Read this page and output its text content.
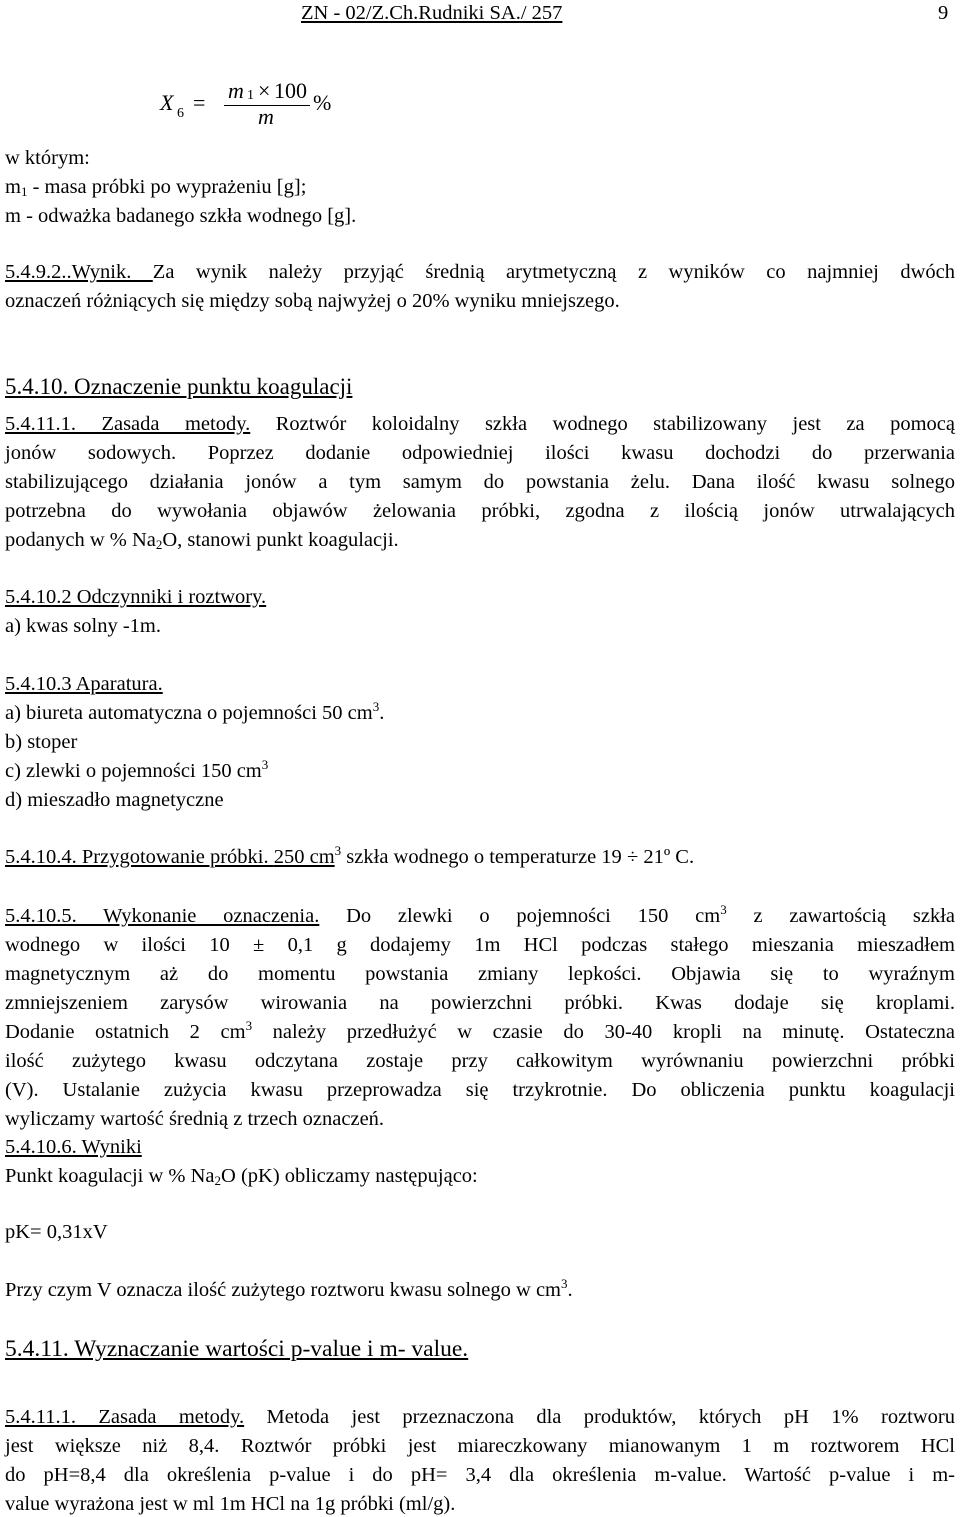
ZN - 02/Z.Ch.Rudniki SA./ 257	9
X 6 = m 1 × 100
m
%
w którym:
$m_1$ - masa próbki po wyprażeniu [g];
m - odważka badanego szkła wodnego [g].
5.4.9.2..Wynik. Za wynik należy przyjąć średnią arytmetyczną z wyników co najmniej dwóch
oznaczeń różniących się między sobą najwyżej o 20% wyniku mniejszego.
5.4.10. Oznaczenie punktu koagulacji
5.4.11.1. Zasada metody. Roztwór koloidalny szkła wodnego stabilizowany jest za pomocą
jonów sodowych. Poprzez dodanie odpowiedniej ilości kwasu dochodzi do przerwania
stabilizującego działania jonów a tym samym do powstania żelu. Dana ilość kwasu solnego
potrzebna do wywołania objawów żelowania próbki, zgodna z ilością jonów utrwalających
podanych w % $Na_2O$, stanowi punkt koagulacji.
5.4.10.2 Odczynniki i roztwory.
a) kwas solny -1m.
5.4.10.3 Aparatura.
a) biureta automatyczna o pojemności 50 $cm^3$.
b) stoper
c) zlewki o pojemności 150 $cm^3$
d) mieszadło magnetyczne
5.4.10.4. Przygotowanie próbki. 250 $cm^3$ szkła wodnego o temperaturze 19 ÷ 21º C.
5.4.10.5. Wykonanie oznaczenia. Do zlewki o pojemności 150 $cm^3$ z zawartością szkła
wodnego w ilości 10 ± 0,1 g dodajemy 1m HCl podczas stałego mieszania mieszadłem
magnetycznym aż do momentu powstania zmiany lepkości. Objawia się to wyraźnym
zmniejszeniem zarysów wirowania na powierzchni próbki. Kwas dodaje się kroplami.
Dodanie ostatnich 2 $cm^3$ należy przedłużyć w czasie do 30-40 kropli na minutę. Ostateczna
ilość zużytego kwasu odczytana zostaje przy całkowitym wyrównaniu powierzchni próbki
(V). Ustalanie zużycia kwasu przeprowadza się trzykrotnie. Do obliczenia punktu koagulacji
wyliczamy wartość średnią z trzech oznaczeń.
5.4.10.6. Wyniki
Punkt koagulacji w % $Na_2O$ (pK) obliczamy następująco:
pK= 0,31xV
Przy czym V oznacza ilość zużytego roztworu kwasu solnego w $cm^3$.
5.4.11. Wyznaczanie wartości p-value i m- value.
5.4.11.1. Zasada metody. Metoda jest przeznaczona dla produktów, których pH 1% roztworu
jest większe niż 8,4. Roztwór próbki jest miareczkowany mianowanym 1 m roztworem HCl
do pH=8,4 dla określenia p-value i do pH= 3,4 dla określenia m-value. Wartość p-value i m-
value wyrażona jest w ml 1m HCl na 1g próbki (ml/g).
